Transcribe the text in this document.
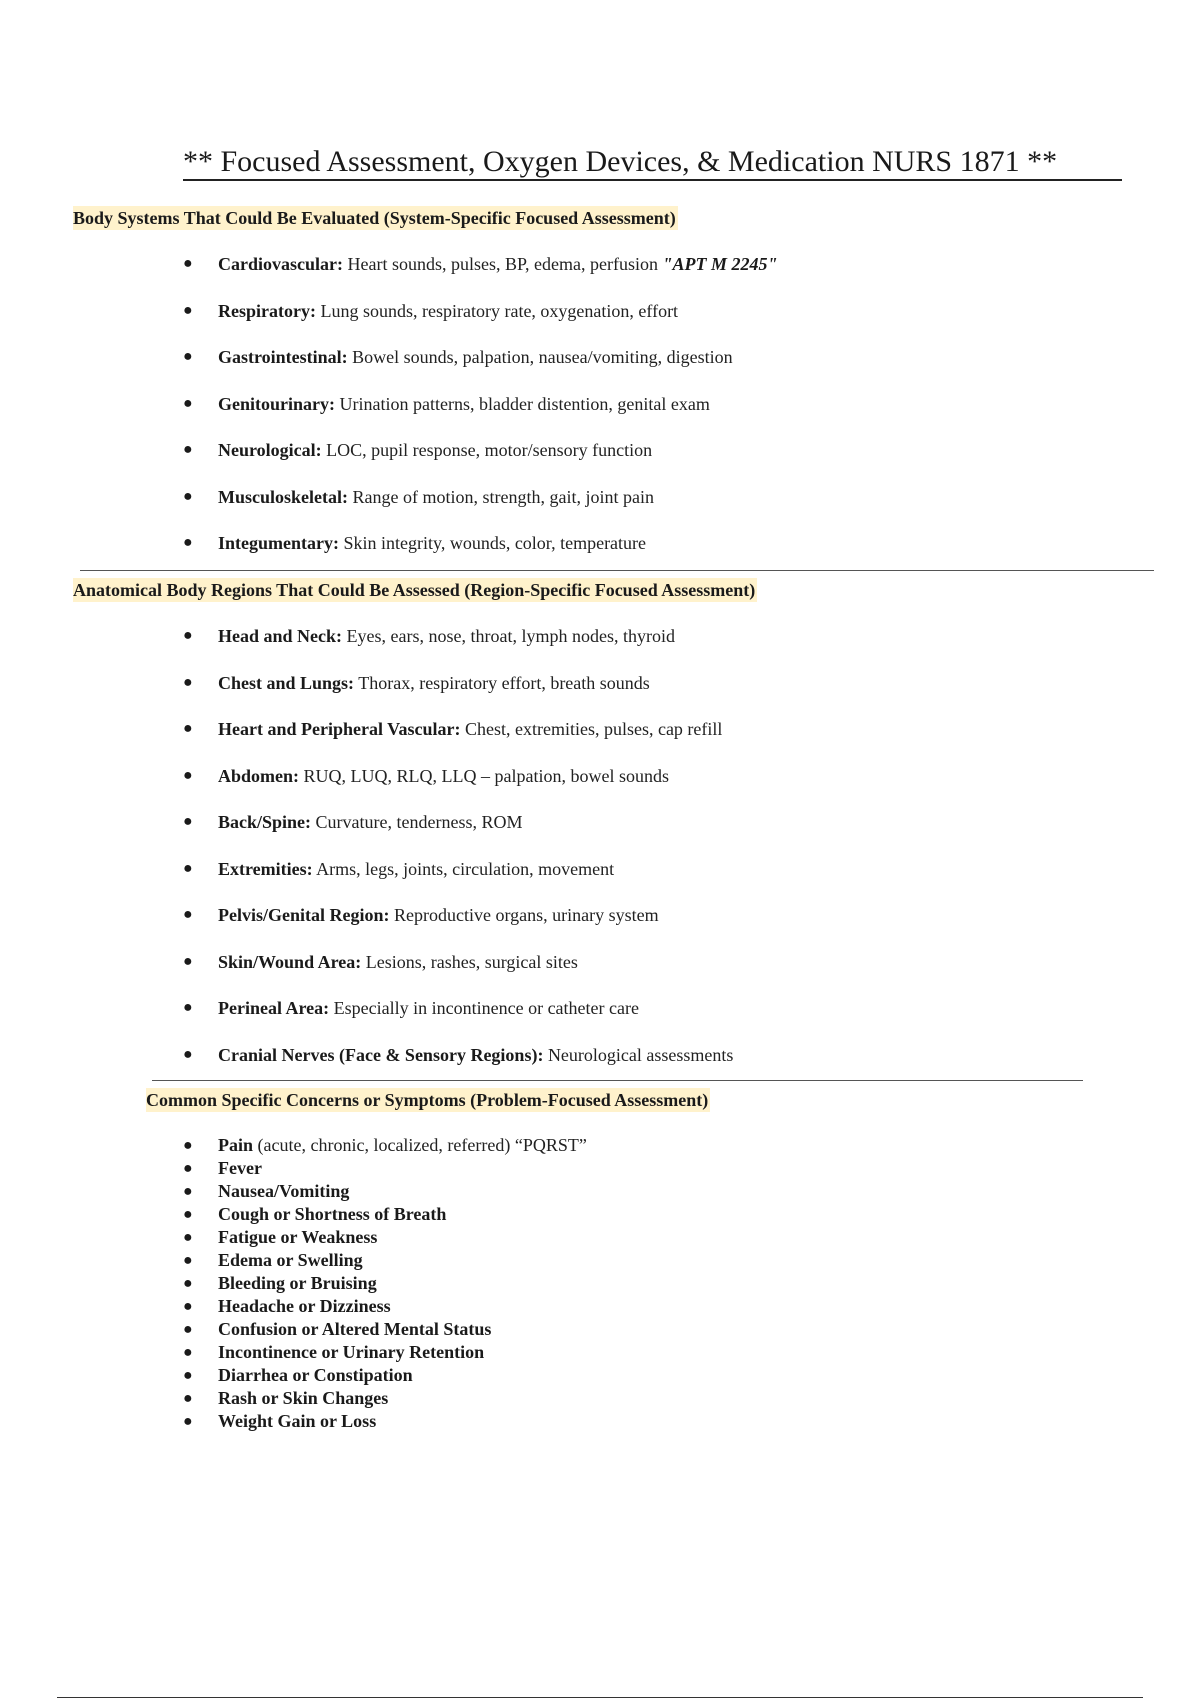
** Focused Assessment, Oxygen Devices, & Medication NURS 1871 **
Body Systems That Could Be Evaluated (System-Specific Focused Assessment)
● Cardiovascular: Heart sounds, pulses, BP, edema, perfusion "APT M 2245"
● Respiratory: Lung sounds, respiratory rate, oxygenation, effort
● Gastrointestinal: Bowel sounds, palpation, nausea/vomiting, digestion
● Genitourinary: Urination patterns, bladder distention, genital exam
● Neurological: LOC, pupil response, motor/sensory function
● Musculoskeletal: Range of motion, strength, gait, joint pain
● Integumentary: Skin integrity, wounds, color, temperature
Anatomical Body Regions That Could Be Assessed (Region-Specific Focused Assessment)
● Head and Neck: Eyes, ears, nose, throat, lymph nodes, thyroid
● Chest and Lungs: Thorax, respiratory effort, breath sounds
● Heart and Peripheral Vascular: Chest, extremities, pulses, cap refill
● Abdomen: RUQ, LUQ, RLQ, LLQ – palpation, bowel sounds
● Back/Spine: Curvature, tenderness, ROM
● Extremities: Arms, legs, joints, circulation, movement
● Pelvis/Genital Region: Reproductive organs, urinary system
● Skin/Wound Area: Lesions, rashes, surgical sites
● Perineal Area: Especially in incontinence or catheter care
● Cranial Nerves (Face & Sensory Regions): Neurological assessments
Common Specific Concerns or Symptoms (Problem-Focused Assessment)
● Pain (acute, chronic, localized, referred) “PQRST”
● Fever
● Nausea/Vomiting
● Cough or Shortness of Breath
● Fatigue or Weakness
● Edema or Swelling
● Bleeding or Bruising
● Headache or Dizziness
● Confusion or Altered Mental Status
● Incontinence or Urinary Retention
● Diarrhea or Constipation
● Rash or Skin Changes
● Weight Gain or Loss
